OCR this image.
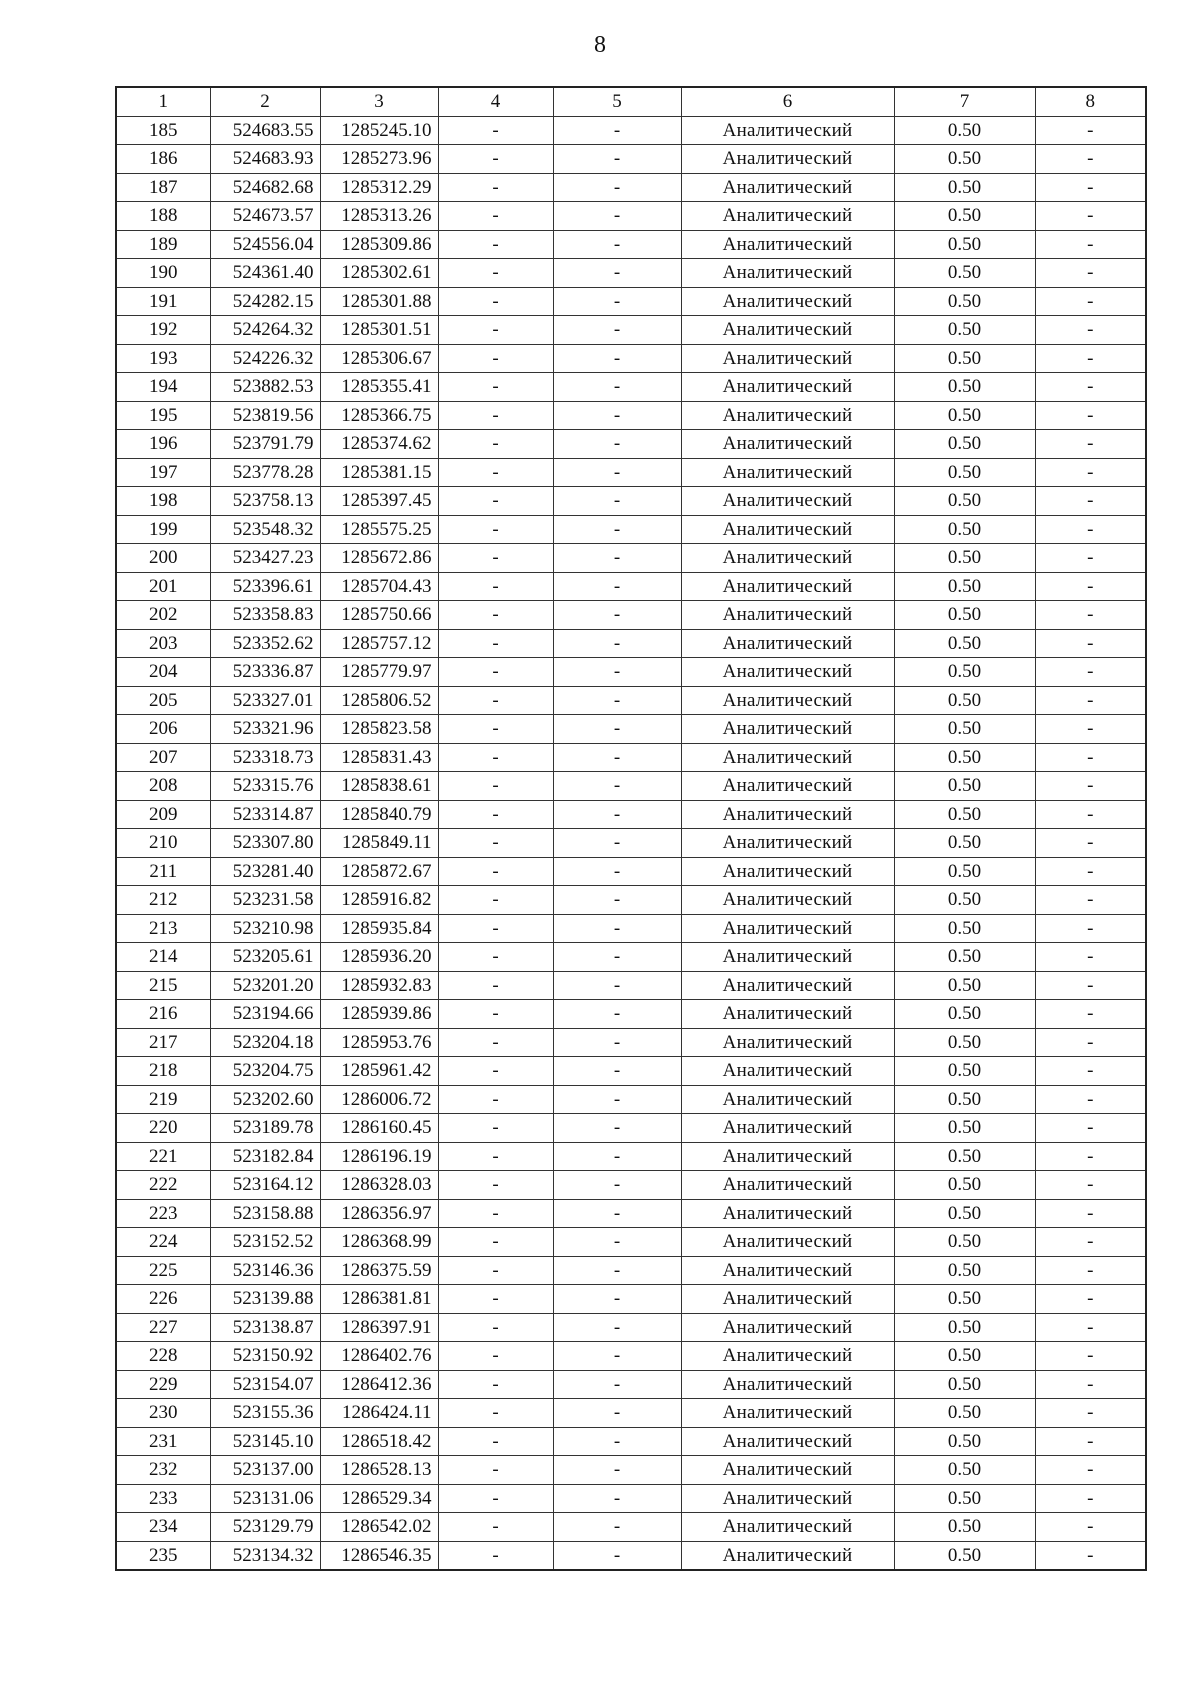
8
1	2	3	4	5	6	7	8
185	524683.55	1285245.10	-	-	Аналитический	0.50	-
186	524683.93	1285273.96	-	-	Аналитический	0.50	-
187	524682.68	1285312.29	-	-	Аналитический	0.50	-
188	524673.57	1285313.26	-	-	Аналитический	0.50	-
189	524556.04	1285309.86	-	-	Аналитический	0.50	-
190	524361.40	1285302.61	-	-	Аналитический	0.50	-
191	524282.15	1285301.88	-	-	Аналитический	0.50	-
192	524264.32	1285301.51	-	-	Аналитический	0.50	-
193	524226.32	1285306.67	-	-	Аналитический	0.50	-
194	523882.53	1285355.41	-	-	Аналитический	0.50	-
195	523819.56	1285366.75	-	-	Аналитический	0.50	-
196	523791.79	1285374.62	-	-	Аналитический	0.50	-
197	523778.28	1285381.15	-	-	Аналитический	0.50	-
198	523758.13	1285397.45	-	-	Аналитический	0.50	-
199	523548.32	1285575.25	-	-	Аналитический	0.50	-
200	523427.23	1285672.86	-	-	Аналитический	0.50	-
201	523396.61	1285704.43	-	-	Аналитический	0.50	-
202	523358.83	1285750.66	-	-	Аналитический	0.50	-
203	523352.62	1285757.12	-	-	Аналитический	0.50	-
204	523336.87	1285779.97	-	-	Аналитический	0.50	-
205	523327.01	1285806.52	-	-	Аналитический	0.50	-
206	523321.96	1285823.58	-	-	Аналитический	0.50	-
207	523318.73	1285831.43	-	-	Аналитический	0.50	-
208	523315.76	1285838.61	-	-	Аналитический	0.50	-
209	523314.87	1285840.79	-	-	Аналитический	0.50	-
210	523307.80	1285849.11	-	-	Аналитический	0.50	-
211	523281.40	1285872.67	-	-	Аналитический	0.50	-
212	523231.58	1285916.82	-	-	Аналитический	0.50	-
213	523210.98	1285935.84	-	-	Аналитический	0.50	-
214	523205.61	1285936.20	-	-	Аналитический	0.50	-
215	523201.20	1285932.83	-	-	Аналитический	0.50	-
216	523194.66	1285939.86	-	-	Аналитический	0.50	-
217	523204.18	1285953.76	-	-	Аналитический	0.50	-
218	523204.75	1285961.42	-	-	Аналитический	0.50	-
219	523202.60	1286006.72	-	-	Аналитический	0.50	-
220	523189.78	1286160.45	-	-	Аналитический	0.50	-
221	523182.84	1286196.19	-	-	Аналитический	0.50	-
222	523164.12	1286328.03	-	-	Аналитический	0.50	-
223	523158.88	1286356.97	-	-	Аналитический	0.50	-
224	523152.52	1286368.99	-	-	Аналитический	0.50	-
225	523146.36	1286375.59	-	-	Аналитический	0.50	-
226	523139.88	1286381.81	-	-	Аналитический	0.50	-
227	523138.87	1286397.91	-	-	Аналитический	0.50	-
228	523150.92	1286402.76	-	-	Аналитический	0.50	-
229	523154.07	1286412.36	-	-	Аналитический	0.50	-
230	523155.36	1286424.11	-	-	Аналитический	0.50	-
231	523145.10	1286518.42	-	-	Аналитический	0.50	-
232	523137.00	1286528.13	-	-	Аналитический	0.50	-
233	523131.06	1286529.34	-	-	Аналитический	0.50	-
234	523129.79	1286542.02	-	-	Аналитический	0.50	-
235	523134.32	1286546.35	-	-	Аналитический	0.50	-
